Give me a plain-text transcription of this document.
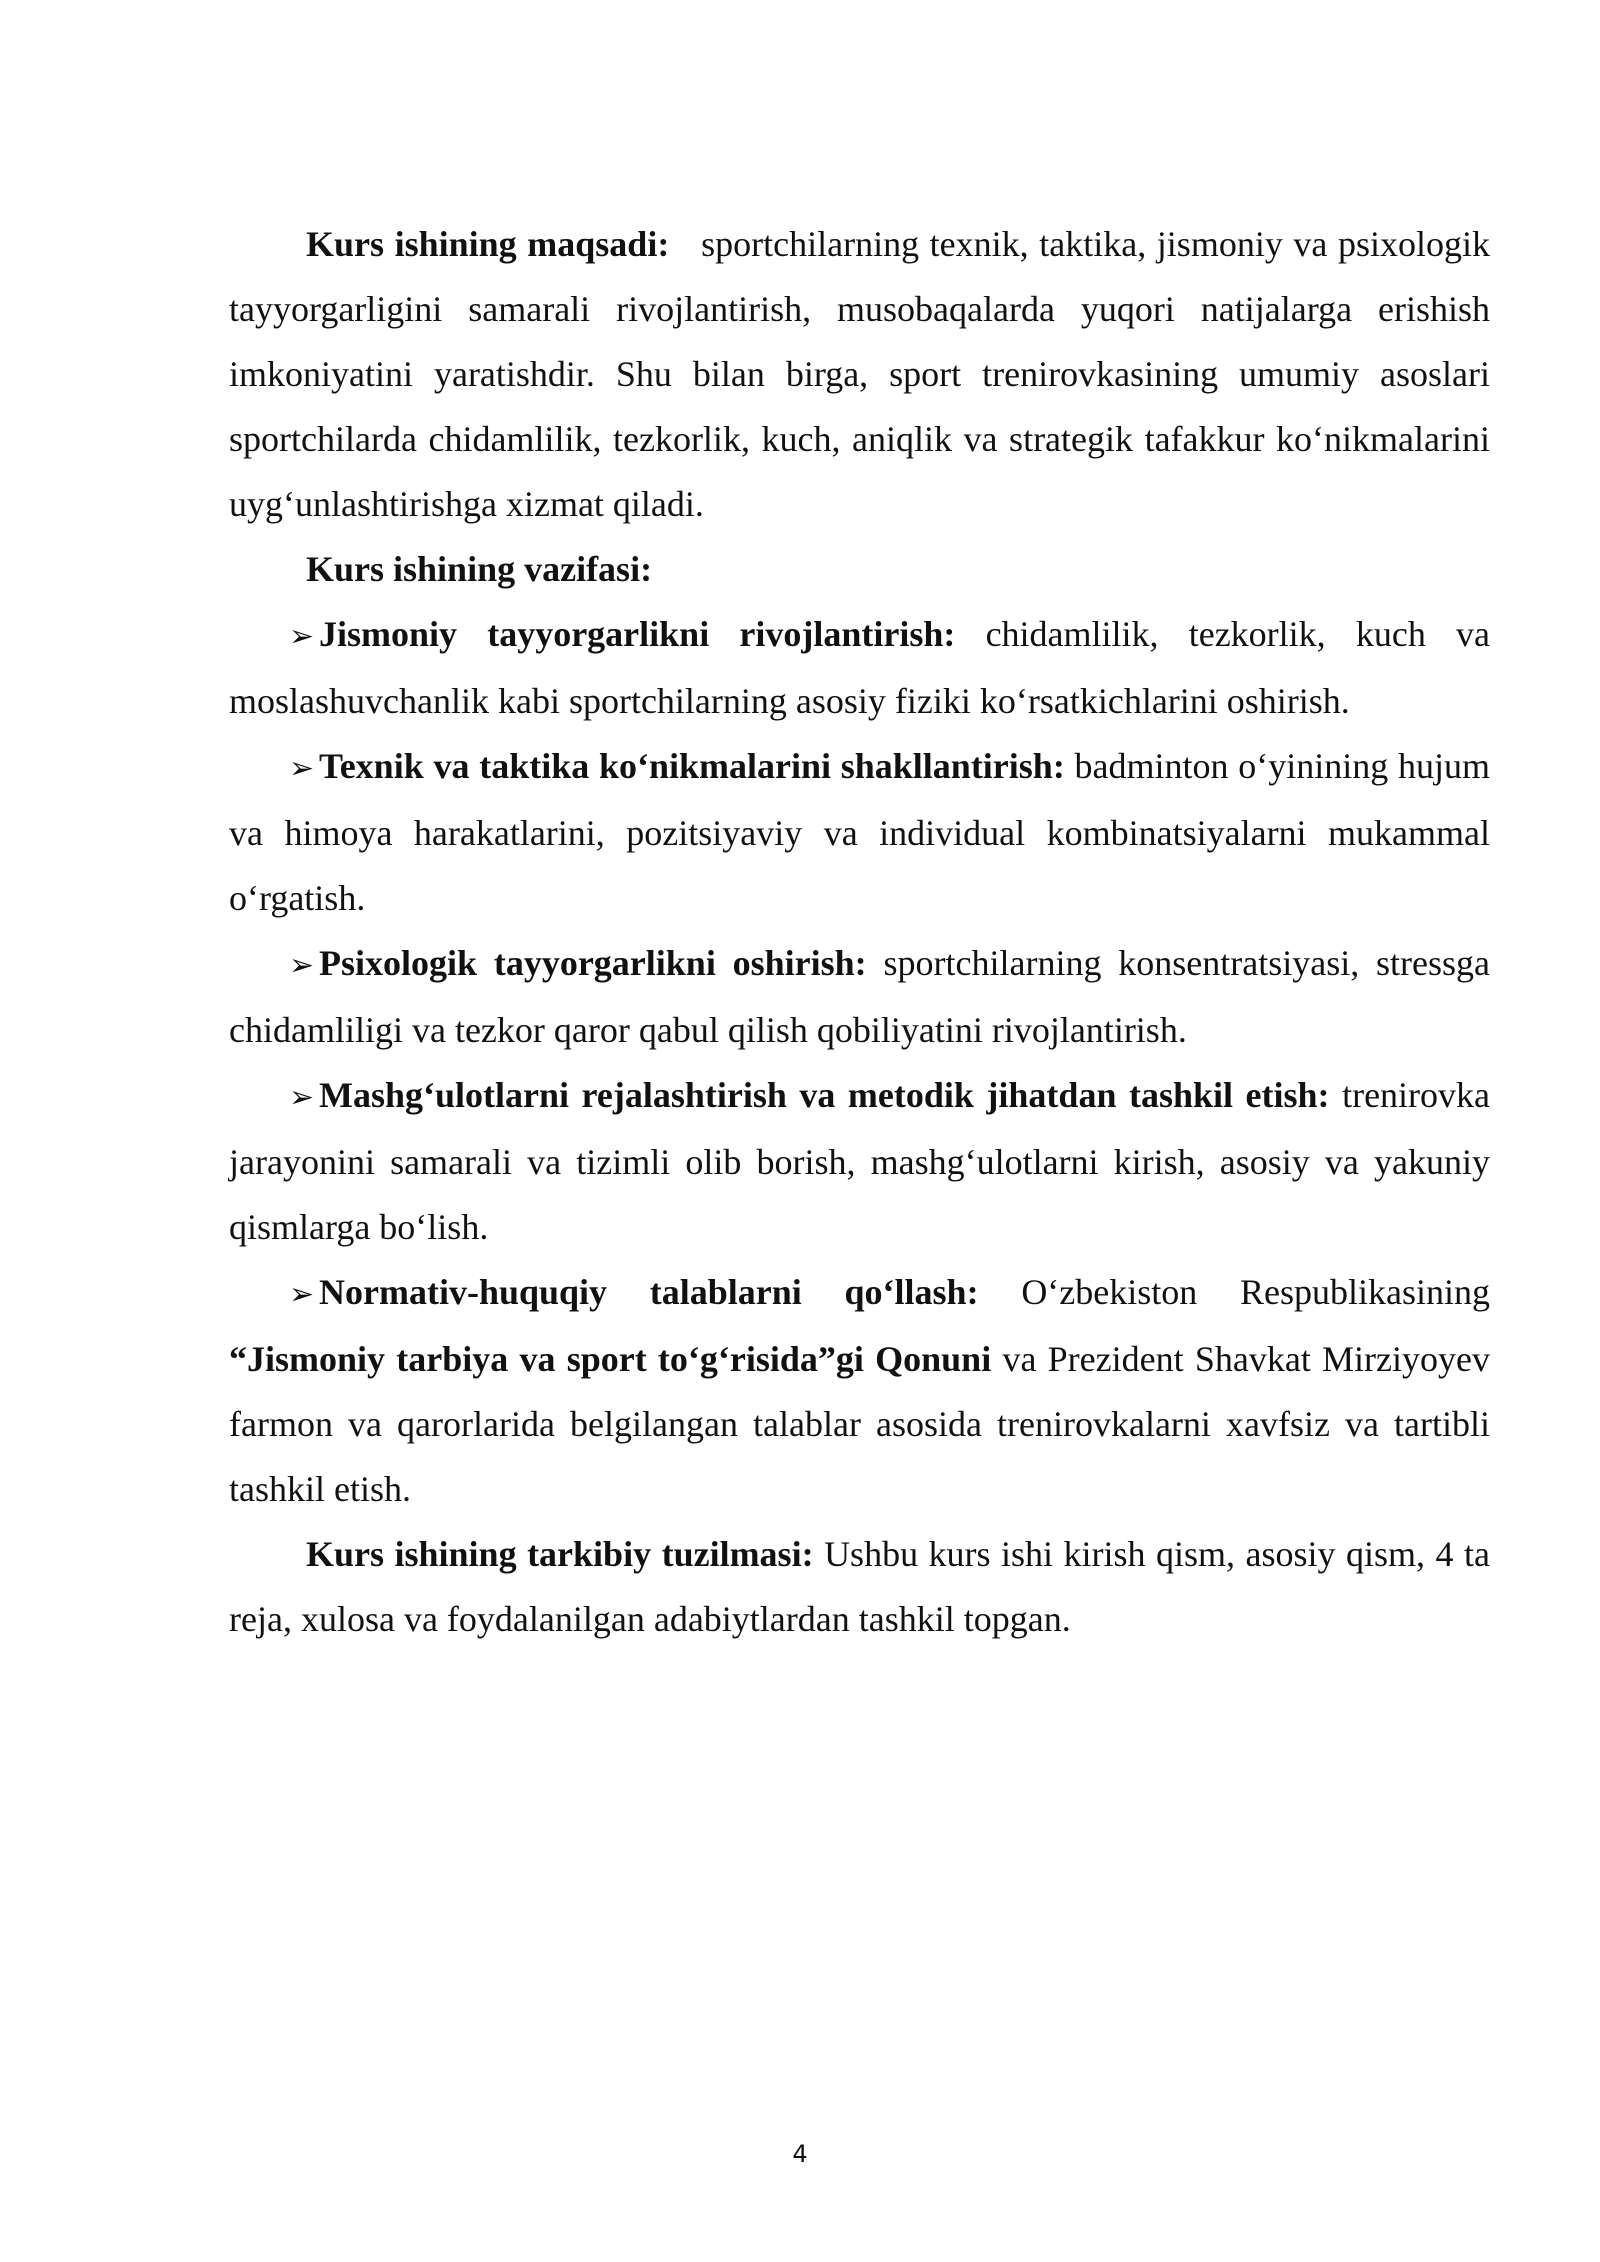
Kurs ishining maqsadi: sportchilarning texnik, taktika, jismoniy va psixologik tayyorgarligini samarali rivojlantirish, musobaqalarda yuqori natijalarga erishish imkoniyatini yaratishdir. Shu bilan birga, sport trenirovkasining umumiy asoslari sportchilarda chidamlilik, tezkorlik, kuch, aniqlik va strategik tafakkur ko‘nikmalarini uyg‘unlashtirishga xizmat qiladi.

Kurs ishining vazifasi:

➢ Jismoniy tayyorgarlikni rivojlantirish: chidamlilik, tezkorlik, kuch va moslashuvchanlik kabi sportchilarning asosiy fiziki ko‘rsatkichlarini oshirish.

➢ Texnik va taktika ko‘nikmalarini shakllantirish: badminton o‘yinining hujum va himoya harakatlarini, pozitsiyaviy va individual kombinatsiyalarni mukammal o‘rgatish.

➢ Psixologik tayyorgarlikni oshirish: sportchilarning konsentratsiyasi, stressga chidamliligi va tezkor qaror qabul qilish qobiliyatini rivojlantirish.

➢ Mashg‘ulotlarni rejalashtirish va metodik jihatdan tashkil etish: trenirovka jarayonini samarali va tizimli olib borish, mashg‘ulotlarni kirish, asosiy va yakuniy qismlarga bo‘lish.

➢ Normativ-huquqiy talablarni qo‘llash: O‘zbekiston Respublikasining “Jismoniy tarbiya va sport to‘g‘risida”gi Qonuni va Prezident Shavkat Mirziyoyev farmon va qarorlarida belgilangan talablar asosida trenirovkalarni xavfsiz va tartibli tashkil etish.

Kurs ishining tarkibiy tuzilmasi: Ushbu kurs ishi kirish qism, asosiy qism, 4 ta reja, xulosa va foydalanilgan adabiytlardan tashkil topgan.

4
